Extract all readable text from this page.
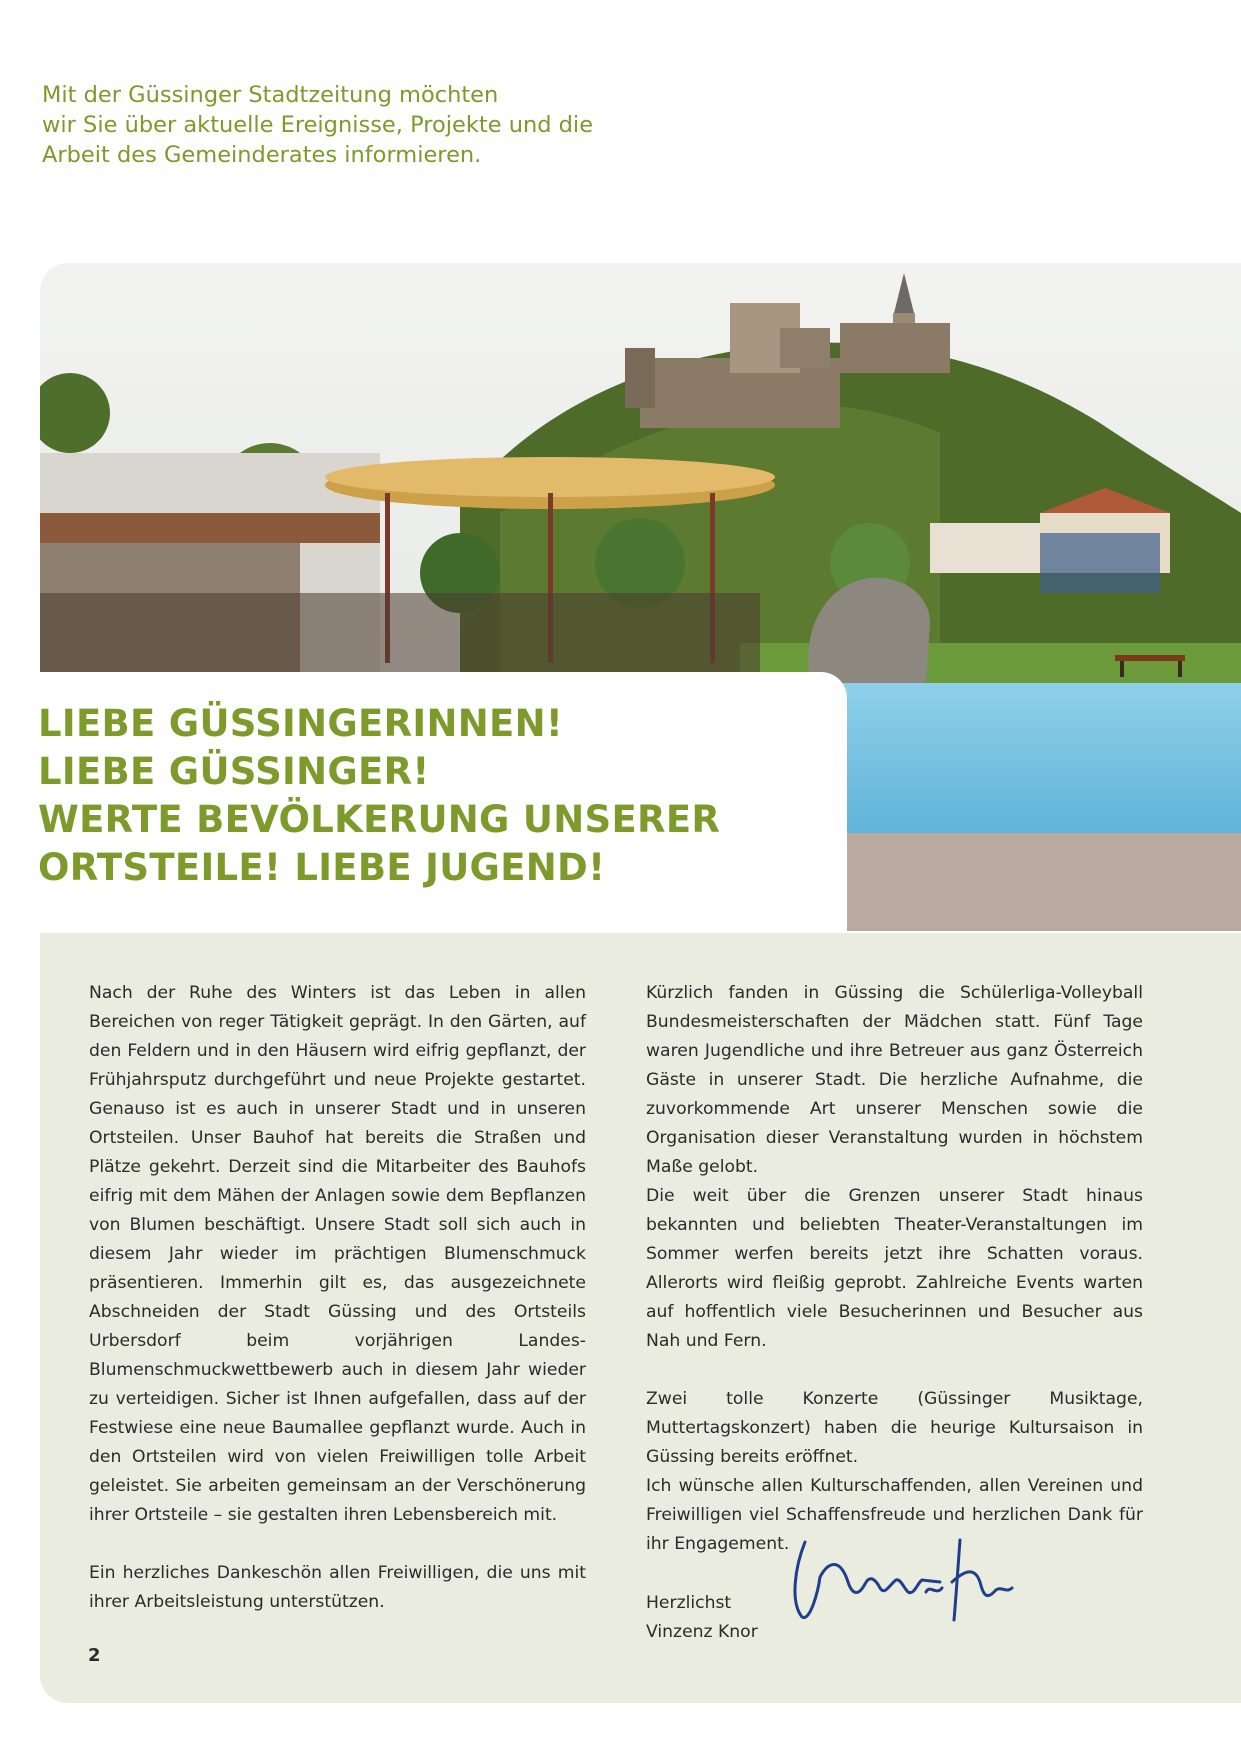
Mit der Güssinger Stadtzeitung möchten
wir Sie über aktuelle Ereignisse, Projekte und die
Arbeit des Gemeinderates informieren.

LIEBE GÜSSINGERINNEN!
LIEBE GÜSSINGER!
WERTE BEVÖLKERUNG UNSERER
ORTSTEILE! LIEBE JUGEND!

Nach der Ruhe des Winters ist das Leben in allen Bereichen von reger Tätigkeit geprägt. In den Gärten, auf den Feldern und in den Häusern wird eifrig gepflanzt, der Frühjahrsputz durchgeführt und neue Projekte gestartet. Genauso ist es auch in unserer Stadt und in unseren Ortsteilen. Unser Bauhof hat bereits die Straßen und Plätze gekehrt. Derzeit sind die Mitarbeiter des Bauhofs eifrig mit dem Mähen der Anlagen sowie dem Bepflanzen von Blumen beschäftigt. Unsere Stadt soll sich auch in diesem Jahr wieder im prächtigen Blumenschmuck präsentieren. Immerhin gilt es, das ausgezeichnete Abschneiden der Stadt Güssing und des Ortsteils Urbersdorf beim vorjährigen Landes-Blumenschmuckwettbewerb auch in diesem Jahr wieder zu verteidigen. Sicher ist Ihnen aufgefallen, dass auf der Festwiese eine neue Baumallee gepflanzt wurde. Auch in den Ortsteilen wird von vielen Freiwilligen tolle Arbeit geleistet. Sie arbeiten gemeinsam an der Verschönerung ihrer Ortsteile – sie gestalten ihren Lebensbereich mit.

Ein herzliches Dankeschön allen Freiwilligen, die uns mit ihrer Arbeitsleistung unterstützen.

Kürzlich fanden in Güssing die Schülerliga-Volleyball Bundesmeisterschaften der Mädchen statt. Fünf Tage waren Jugendliche und ihre Betreuer aus ganz Österreich Gäste in unserer Stadt. Die herzliche Aufnahme, die zuvorkommende Art unserer Menschen sowie die Organisation dieser Veranstaltung wurden in höchstem Maße gelobt.

Die weit über die Grenzen unserer Stadt hinaus bekannten und beliebten Theater-Veranstaltungen im Sommer werfen bereits jetzt ihre Schatten voraus. Allerorts wird fleißig geprobt. Zahlreiche Events warten auf hoffentlich viele Besucherinnen und Besucher aus Nah und Fern.

Zwei tolle Konzerte (Güssinger Musiktage, Muttertagskonzert) haben die heurige Kultursaison in Güssing bereits eröffnet.

Ich wünsche allen Kulturschaffenden, allen Vereinen und Freiwilligen viel Schaffensfreude und herzlichen Dank für ihr Engagement.

Herzlichst

Vinzenz Knor

2
